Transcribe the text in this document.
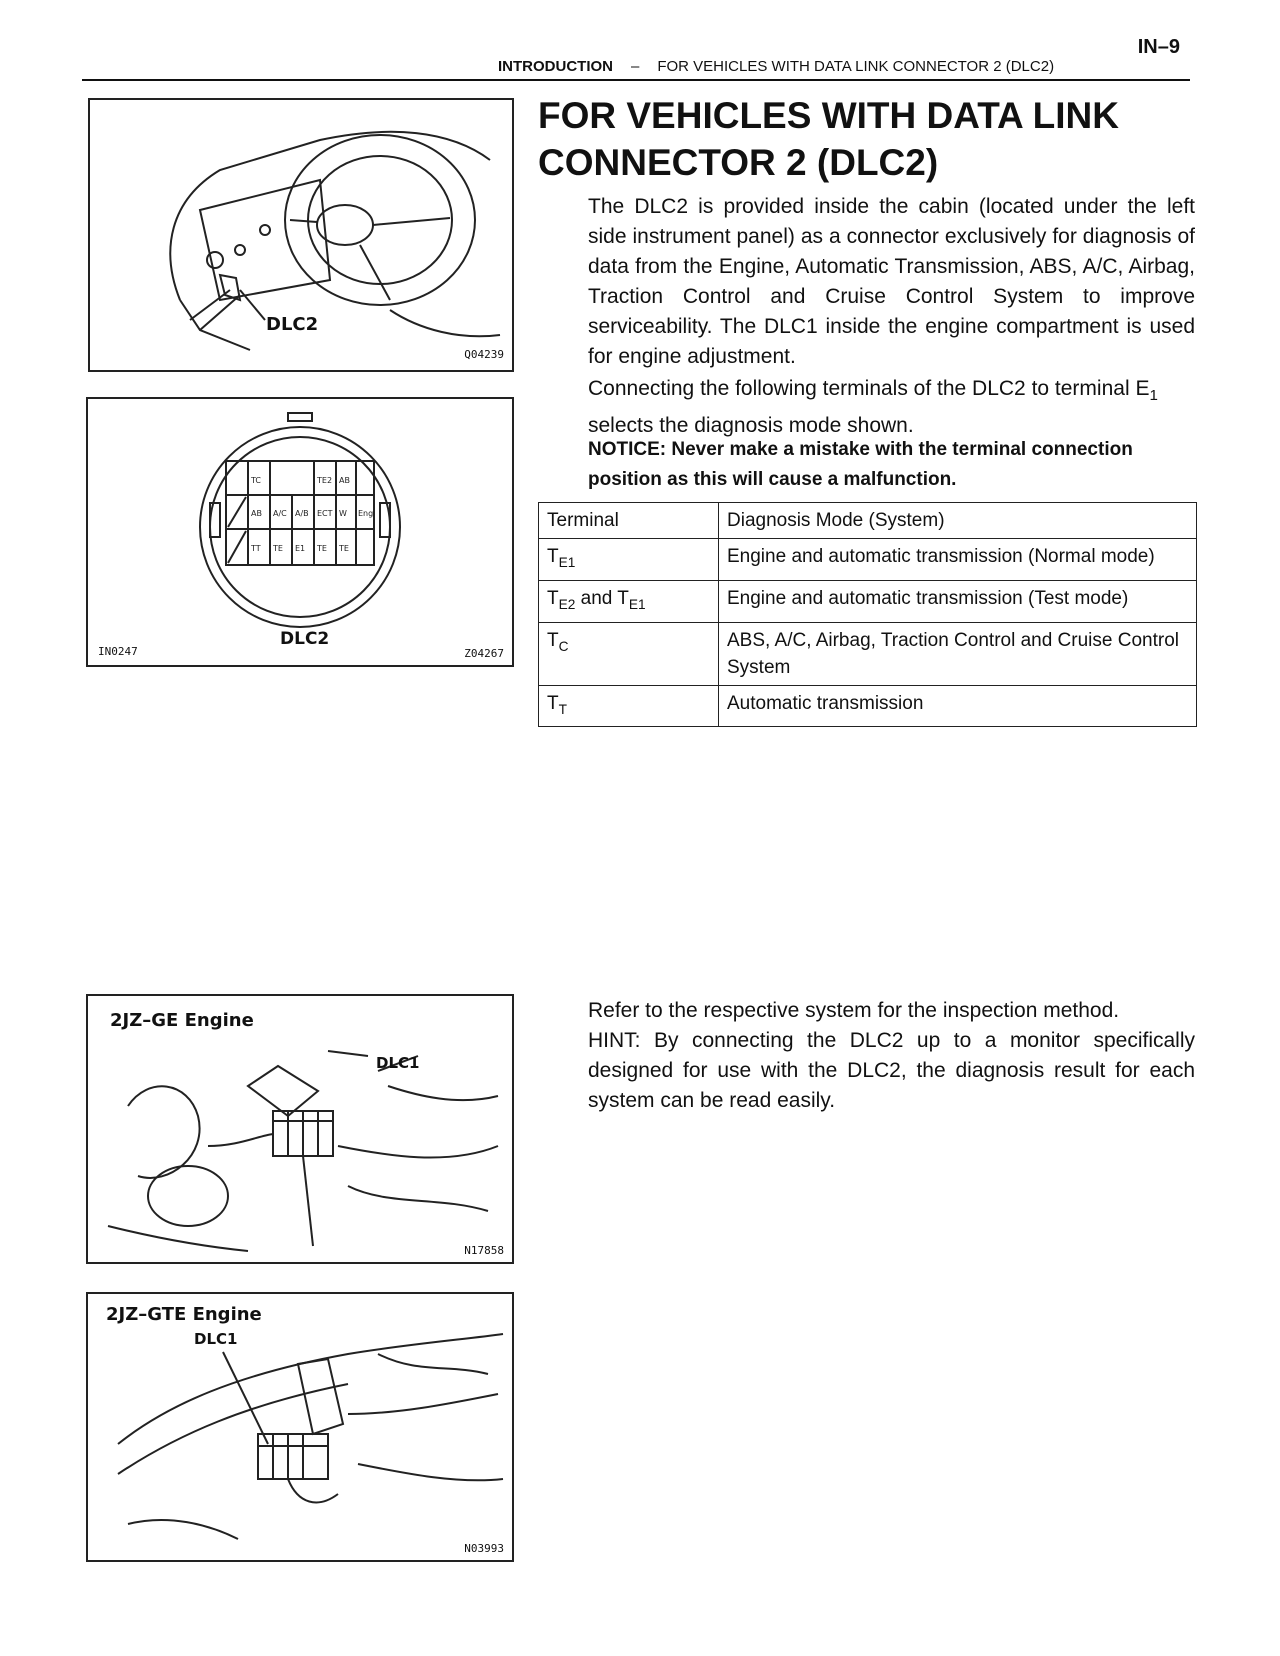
IN–9
INTRODUCTION – FOR VEHICLES WITH DATA LINK CONNECTOR 2 (DLC2)
DLC2
Q04239
TC	TE2 AB
AB A/C A/B ECT W Eng
TT TE E1 TE TE
DLC2
IN0247	Z04267
FOR VEHICLES WITH DATA LINK
CONNECTOR 2 (DLC2)

The DLC2 is provided inside the cabin (located under the left side instrument panel) as a connector exclusively for diagnosis of data from the Engine, Automatic Transmission, ABS, A/C, Airbag, Traction Control and Cruise Control System to improve serviceability. The DLC1 inside the engine compartment is used for engine adjustment.

Connecting the following terminals of the DLC2 to terminal $E_1$ selects the diagnosis mode shown.

NOTICE: Never make a mistake with the terminal connection position as this will cause a malfunction.

Terminal	Diagnosis Mode (System)
$T_{E1}$	Engine and automatic transmission (Normal mode)
$T_{E2}$ and $T_{E1}$	Engine and automatic transmission (Test mode)
$T_C$	ABS, A/C, Airbag, Traction Control and Cruise Control System
$T_T$	Automatic transmission
2JZ–GE Engine
DLC1
N17858

Refer to the respective system for the inspection method.

HINT: By connecting the DLC2 up to a monitor specifically designed for use with the DLC2, the diagnosis result for each system can be read easily.

2JZ–GTE Engine
DLC1
N03993
